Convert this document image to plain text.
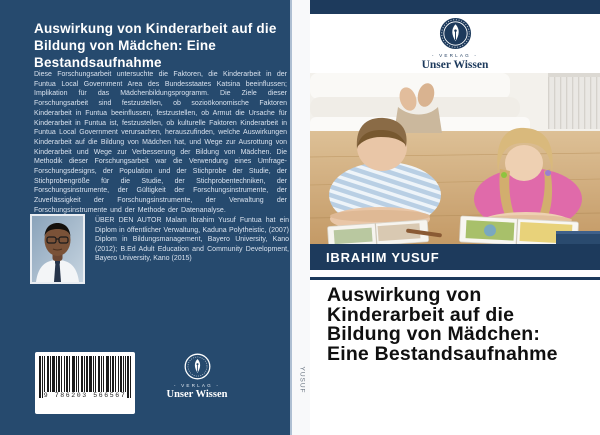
Auswirkung von Kinderarbeit auf die Bildung von Mädchen: Eine Bestandsaufnahme
Diese Forschungsarbeit untersuchte die Faktoren, die Kinderarbeit in der Funtua Local Government Area des Bundesstaates Katsina beeinflussen; Implikation für das Mädchenbildungsprogramm. Die Ziele dieser Forschungsarbeit sind festzustellen, ob sozioökonomische Faktoren Kinderarbeit in Funtua beeinflussen, festzustellen, ob Armut die Ursache für Kinderarbeit in Funtua ist, festzustellen, ob kulturelle Faktoren Kinderarbeit in Funtua Local Government verursachen, herauszufinden, welche Auswirkungen Kinderarbeit auf die Bildung von Mädchen hat, und Wege zur Ausrottung von Kinderarbeit und Wege zur Verbesserung der Bildung von Mädchen. Die Methodik dieser Forschungsarbeit war die Verwendung eines Umfrage-Forschungsdesigns, der Population und der Stichprobe der Studie, der Stichprobengröße für die Studie, der Stichprobentechniken, der Forschungsinstrumente, der Gültigkeit der Forschungsinstrumente, der Zuverlässigkeit der Forschungsinstrumente, der Verwaltung der Forschungsinstrumente und der Methode der Datenanalyse.
ÜBER DEN AUTOR Malam Ibrahim Yusuf Funtua hat ein Diplom in öffentlicher Verwaltung, Kaduna Polytheistic, (2007) Diplom in Bildungsmanagement, Bayero University, Kano (2012); B.Ed Adult Education and Community Development, Bayero University, Kano (2015)
9 786203 566567
- VERLAG -
Unser Wissen
YUSUF
- VERLAG -
Unser Wissen
IBRAHIM YUSUF
Auswirkung von
Kinderarbeit auf die
Bildung von Mädchen:
Eine Bestandsaufnahme
